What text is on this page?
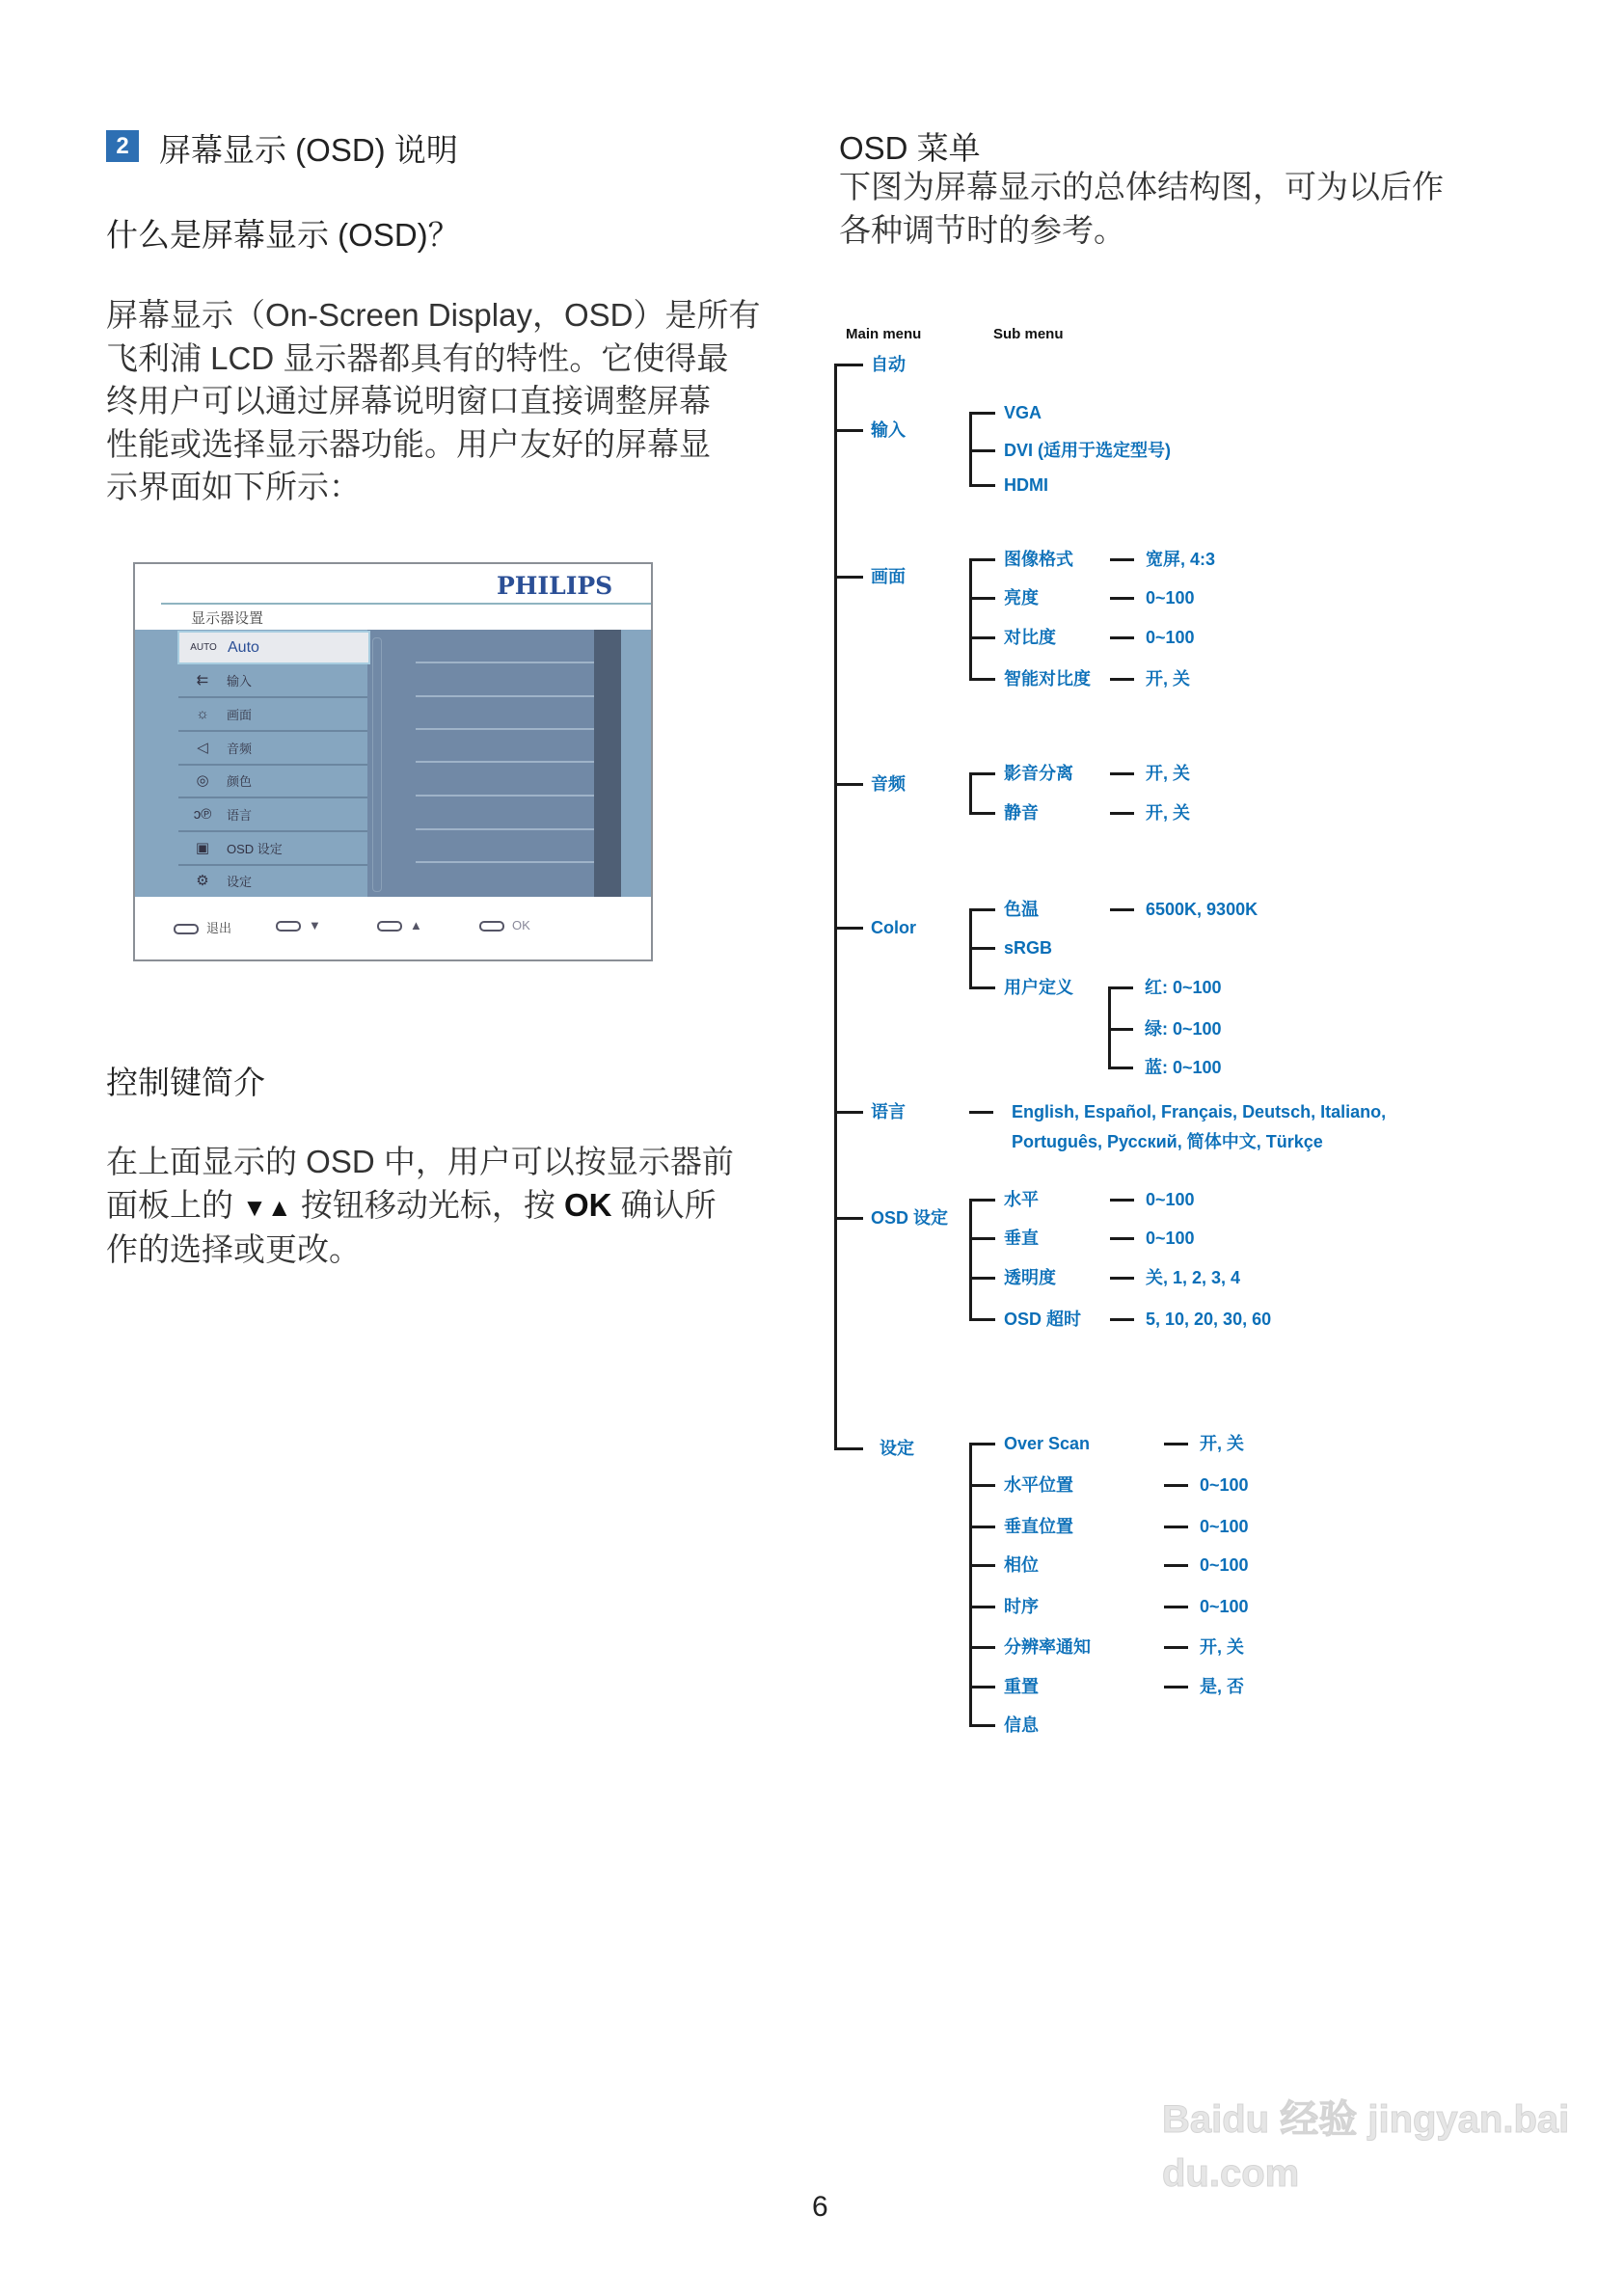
2 屏幕显示 (OSD) 说明
什么是屏幕显示 (OSD)？
屏幕显示（On-Screen Display，OSD）是所有
飞利浦 LCD 显示器都具有的特性。它使得最
终用户可以通过屏幕说明窗口直接调整屏幕
性能或选择显示器功能。用户友好的屏幕显
示界面如下所示：
PHILIPS
显示器设置
AUTO Auto
⇇	输入
☼	画面
◁	音频
◎	颜色
ↄ℗	语言
▣	OSD 设定
⚙	设定
退出	▼	▲	OK
控制键简介
在上面显示的 OSD 中，用户可以按显示器前
面板上的 ▼▲ 按钮移动光标，按 OK 确认所
作的选择或更改。
OSD 菜单
下图为屏幕显示的总体结构图，可为以后作
各种调节时的参考。
Main menu	Sub menu
自动
输入
VGA
DVI (适用于选定型号)
HDMI
画面
图像格式	宽屏, 4:3
亮度	0~100
对比度	0~100
智能对比度	开, 关
音频
影音分离	开, 关
静音	开, 关
Color
色温	6500K, 9300K
sRGB
用户定义	红: 0~100
绿: 0~100
蓝: 0~100
语言	English, Español, Français, Deutsch, Italiano,
Português, Русский, 简体中文, Türkçe
OSD 设定
水平	0~100
垂直	0~100
透明度	关, 1, 2, 3, 4
OSD 超时	5, 10, 20, 30, 60
设定	Over Scan	开, 关
水平位置	0~100
垂直位置	0~100
相位	0~100
时序	0~100
分辨率通知	开, 关
重置	是, 否
信息
6
Baidu 经验 jingyan.baidu.com
